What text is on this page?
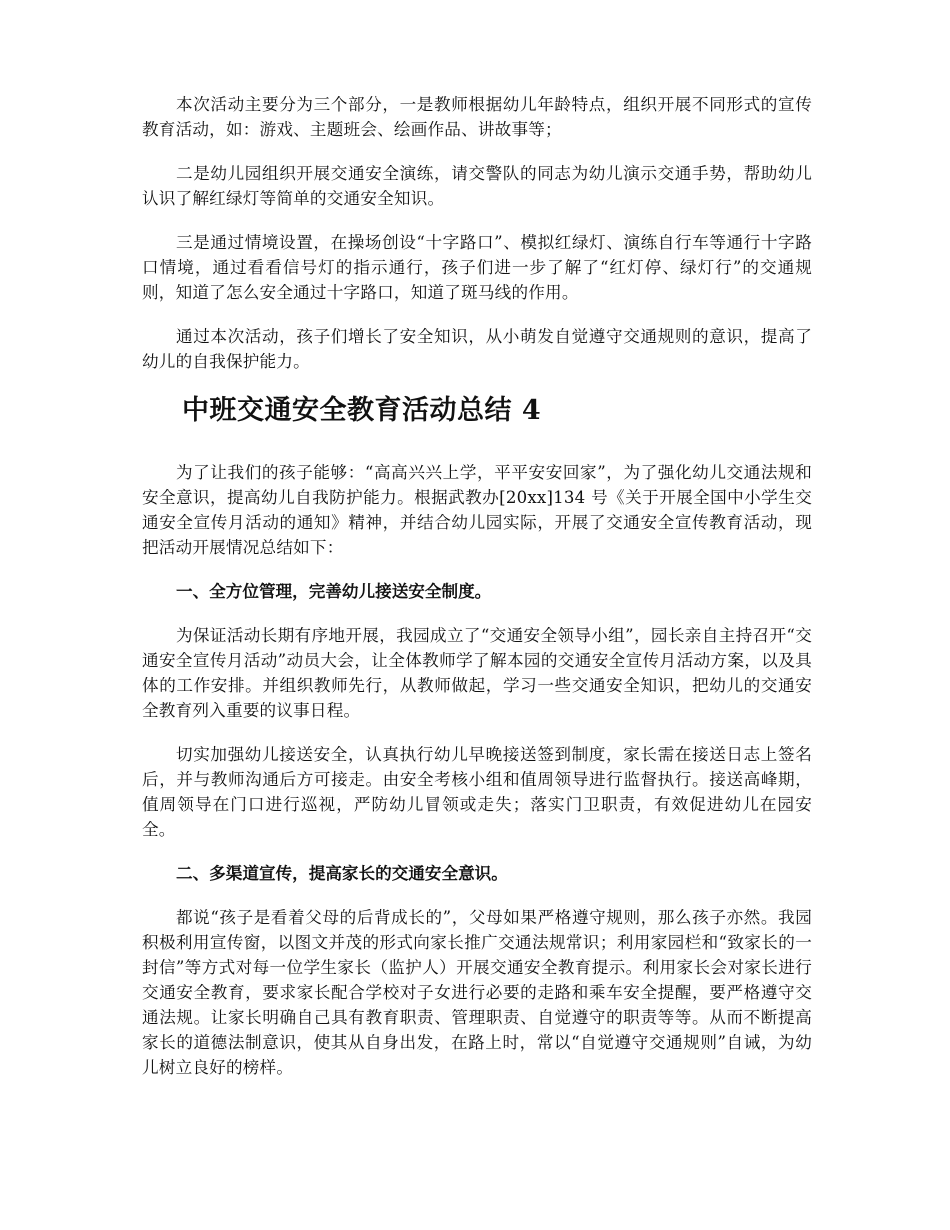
本次活动主要分为三个部分，一是教师根据幼儿年龄特点，组织开展不同形式的宣传教育活动，如：游戏、主题班会、绘画作品、讲故事等；

二是幼儿园组织开展交通安全演练，请交警队的同志为幼儿演示交通手势，帮助幼儿认识了解红绿灯等简单的交通安全知识。

三是通过情境设置，在操场创设“十字路口”、模拟红绿灯、演练自行车等通行十字路口情境，通过看看信号灯的指示通行，孩子们进一步了解了“红灯停、绿灯行”的交通规则，知道了怎么安全通过十字路口，知道了斑马线的作用。

通过本次活动，孩子们增长了安全知识，从小萌发自觉遵守交通规则的意识，提高了幼儿的自我保护能力。

中班交通安全教育活动总结 4

为了让我们的孩子能够：“高高兴兴上学，平平安安回家”，为了强化幼儿交通法规和安全意识，提高幼儿自我防护能力。根据武教办[20xx]134 号《关于开展全国中小学生交通安全宣传月活动的通知》精神，并结合幼儿园实际，开展了交通安全宣传教育活动，现把活动开展情况总结如下：

一、全方位管理，完善幼儿接送安全制度。

为保证活动长期有序地开展，我园成立了“交通安全领导小组”，园长亲自主持召开“交通安全宣传月活动”动员大会，让全体教师学了解本园的交通安全宣传月活动方案，以及具体的工作安排。并组织教师先行，从教师做起，学习一些交通安全知识，把幼儿的交通安全教育列入重要的议事日程。

切实加强幼儿接送安全，认真执行幼儿早晚接送签到制度，家长需在接送日志上签名后，并与教师沟通后方可接走。由安全考核小组和值周领导进行监督执行。接送高峰期，值周领导在门口进行巡视，严防幼儿冒领或走失；落实门卫职责，有效促进幼儿在园安全。

二、多渠道宣传，提高家长的交通安全意识。

都说“孩子是看着父母的后背成长的”，父母如果严格遵守规则，那么孩子亦然。我园积极利用宣传窗，以图文并茂的形式向家长推广交通法规常识；利用家园栏和“致家长的一封信”等方式对每一位学生家长（监护人）开展交通安全教育提示。利用家长会对家长进行交通安全教育，要求家长配合学校对子女进行必要的走路和乘车安全提醒，要严格遵守交通法规。让家长明确自己具有教育职责、管理职责、自觉遵守的职责等等。从而不断提高家长的道德法制意识，使其从自身出发，在路上时，常以“自觉遵守交通规则”自诫，为幼儿树立良好的榜样。
